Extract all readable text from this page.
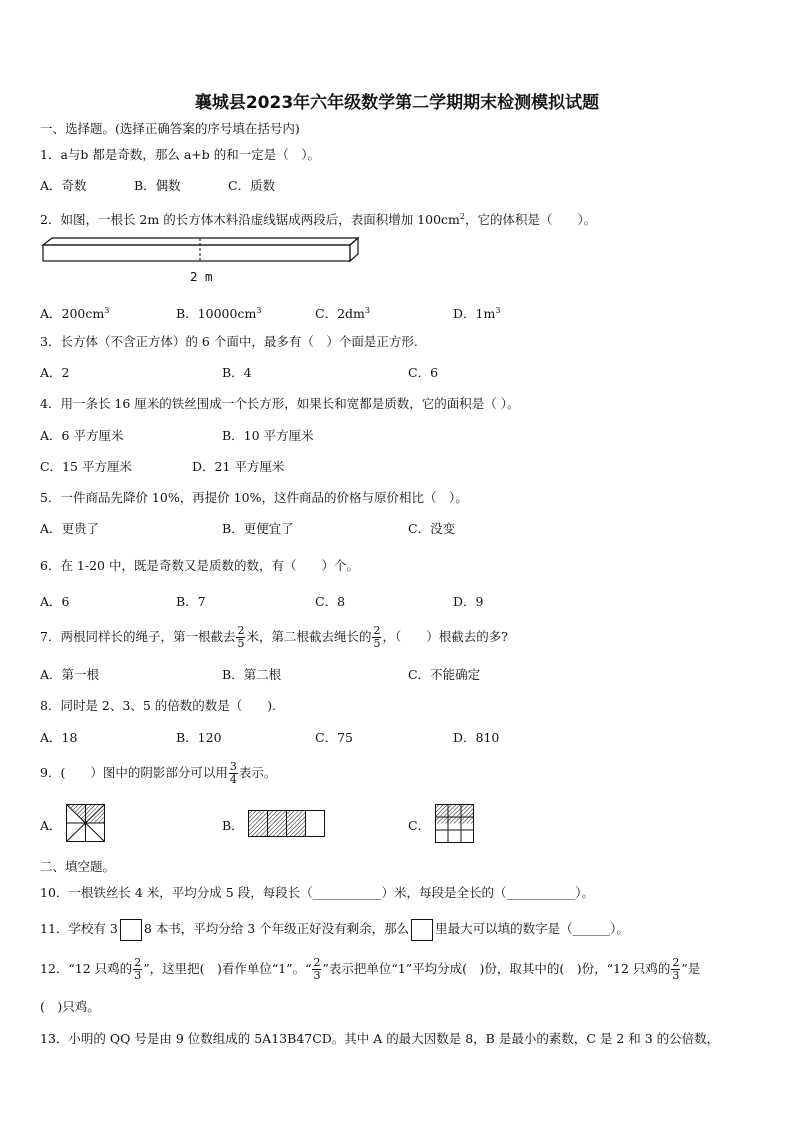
襄城县2023年六年级数学第二学期期末检测模拟试题
一、选择题。(选择正确答案的序号填在括号内)
1．a与b 都是奇数，那么 a+b 的和一定是（　）。
A．奇数	B．偶数	C．质数
2．如图，一根长 2m 的长方体木料沿虚线锯成两段后，表面积增加 $100cm^2$，它的体积是（　　）。
2 m
A．$200cm^3$	B．$10000cm^3$	C．$2dm^3$	D．$1m^3$
3．长方体（不含正方体）的 6 个面中，最多有（　）个面是正方形.
A．2	B．4	C．6
4．用一条长 16 厘米的铁丝围成一个长方形，如果长和宽都是质数，它的面积是（ ）。
A．6 平方厘米	B．10 平方厘米
C．15 平方厘米	D．21 平方厘米
5．一件商品先降价 10%，再提价 10%，这件商品的价格与原价相比（　）。
A．更贵了	B．更便宜了	C．没变
6．在 1-20 中，既是奇数又是质数的数，有（　　）个。
A．6	B．7	C．8	D．9
7．两根同样长的绳子，第一根截去 $\frac{2}{5}$ 米，第二根截去绳长的 $\frac{2}{5}$ ，（　　）根截去的多?
A．第一根	B．第二根	C．不能确定
8．同时是 2、3、5 的倍数的数是（　　).
A．18	B．120	C．75	D．810
9．(　　）图中的阴影部分可以用 $\frac{3}{4}$ 表示。
A．	B．	C．
二、填空题。
10．一根铁丝长 4 米，平均分成 5 段，每段长（___________）米，每段是全长的（___________）。
11．学校有 3 8 本书，平均分给 3 个年级正好没有剩余，那么 里最大可以填的数字是（______）。
12．“12 只鸡的 $\frac{2}{3}$ ”，这里把(　)看作单位“1”。“ $\frac{2}{3}$ ”表示把单位“1”平均分成(　)份，取其中的(　)份，“12 只鸡的 $\frac{2}{3}$ ”是
(　)只鸡。
13．小明的 QQ 号是由 9 位数组成的 5A13B47CD。其中 A 的最大因数是 8，B 是最小的素数，C 是 2 和 3 的公倍数，
